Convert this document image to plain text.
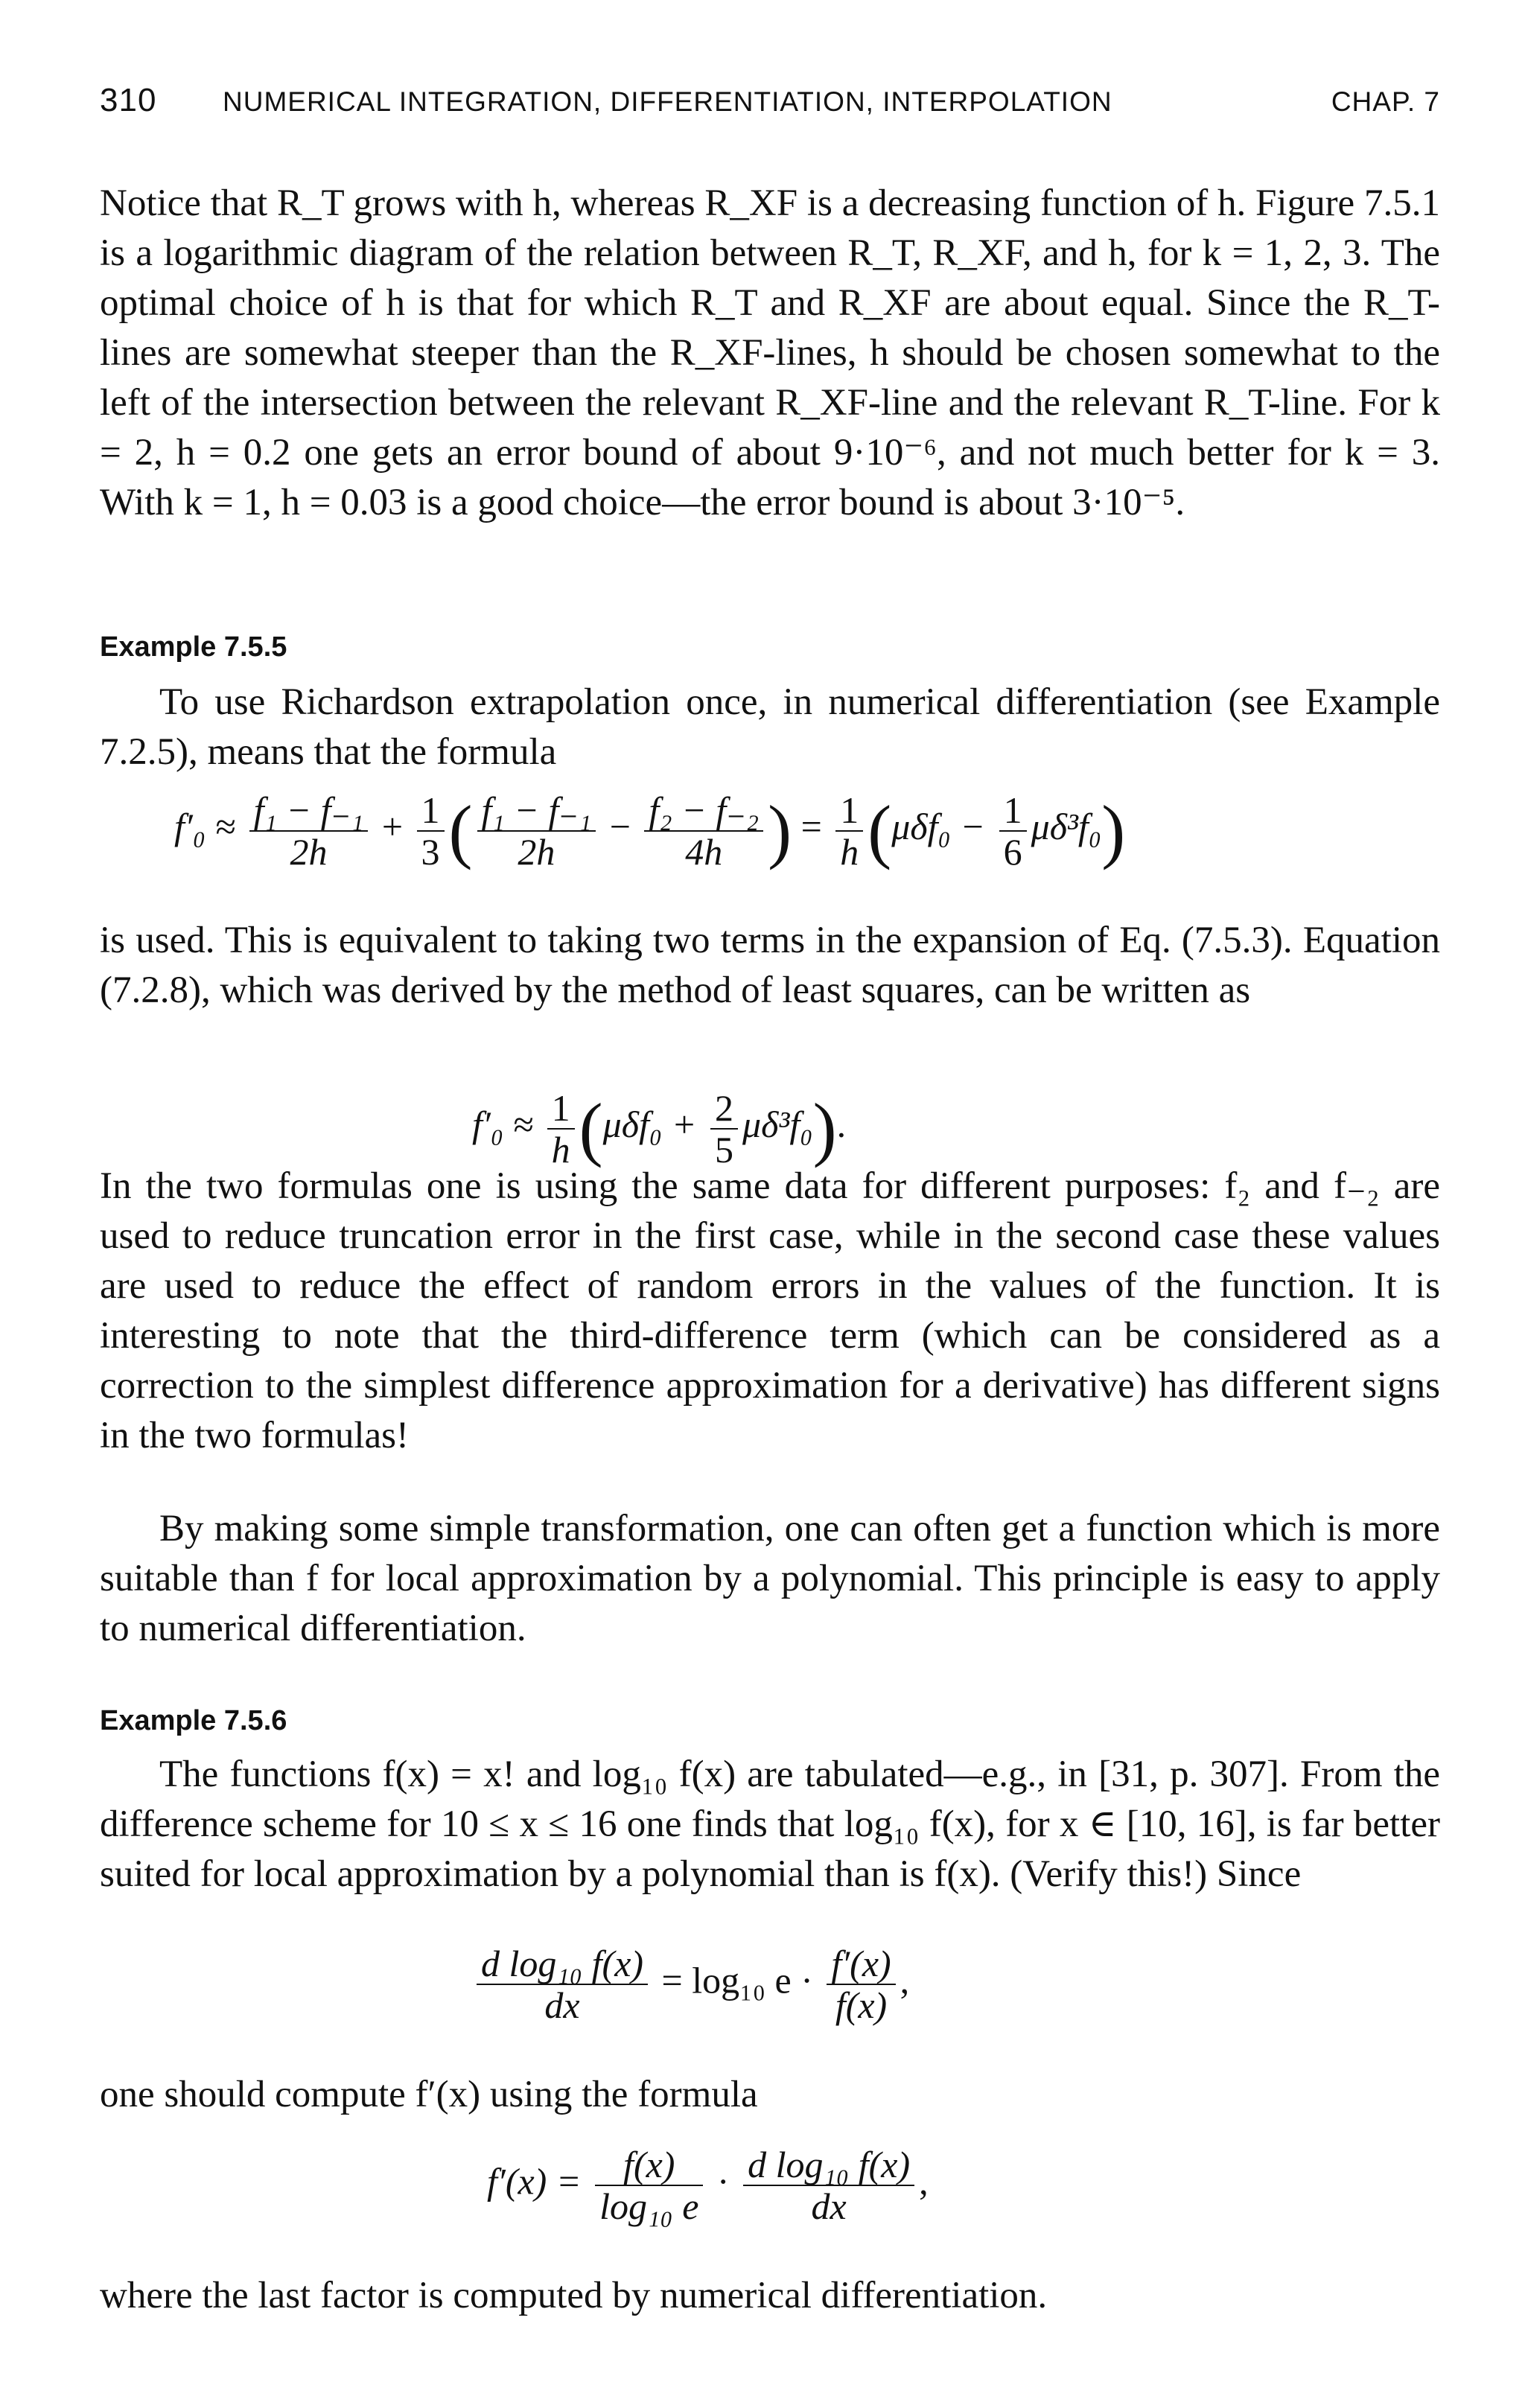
310 NUMERICAL INTEGRATION, DIFFERENTIATION, INTERPOLATION	CHAP. 7

Notice that R_T grows with h, whereas R_XF is a decreasing function of h. Figure 7.5.1 is a logarithmic diagram of the relation between R_T, R_XF, and h, for k = 1, 2, 3. The optimal choice of h is that for which R_T and R_XF are about equal. Since the R_T-lines are somewhat steeper than the R_XF-lines, h should be chosen somewhat to the left of the intersection between the relevant R_XF-line and the relevant R_T-line. For k = 2, h = 0.2 one gets an error bound of about 9·10⁻⁶, and not much better for k = 3. With k = 1, h = 0.03 is a good choice—the error bound is about 3·10⁻⁵.

Example 7.5.5

To use Richardson extrapolation once, in numerical differentiation (see Example 7.2.5), means that the formula

$f'_0 \approx \frac{\text{f₁ − f₋₁}}{2h} + \frac{1}{3}$ ( $\frac{\text{f₁ − f₋₁}}{2h} - \frac{\text{f₂ − f₋₂}}{4h}$ ) = $\frac{1}{h} (\mu\delta f_0 - \frac{1}{6} \mu\delta^3f_0)$

is used. This is equivalent to taking two terms in the expansion of Eq. (7.5.3). Equation (7.2.8), which was derived by the method of least squares, can be written as

$f'_0 \approx \frac{1}{h} (\mu\delta f_0 + \frac{2}{5} \mu\delta^3f_0)$.

In the two formulas one is using the same data for different purposes: f₂ and f₋₂ are used to reduce truncation error in the first case, while in the second case these values are used to reduce the effect of random errors in the values of the function. It is interesting to note that the third-difference term (which can be considered as a correction to the simplest difference approximation for a derivative) has different signs in the two formulas!

By making some simple transformation, one can often get a function which is more suitable than f for local approximation by a polynomial. This principle is easy to apply to numerical differentiation.

Example 7.5.6

The functions f(x) = x! and log₁₀ f(x) are tabulated—e.g., in [31, p. 307]. From the difference scheme for 10 ≤ x ≤ 16 one finds that log₁₀ f(x), for x ∈ [10, 16], is far better suited for local approximation by a polynomial than is f(x). (Verify this!) Since

$\frac{\text{d log₁₀ f(x)}}{dx} = \log_{10}$ $e \cdot \frac{f'(x)}{f(x)}$ ,

one should compute f′(x) using the formula

$f'(x) = \frac{f(x)}{\text{log₁₀ e}} \cdot \frac{\text{d log₁₀ f(x)}}{dx}$ ,

where the last factor is computed by numerical differentiation.
